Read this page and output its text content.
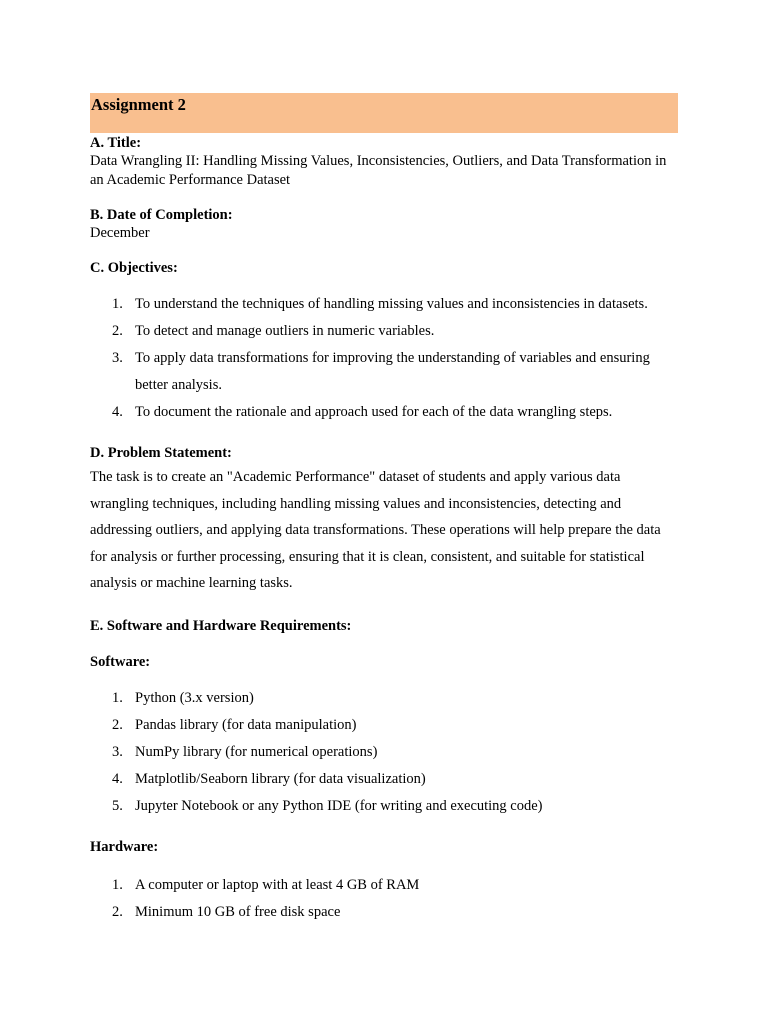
Assignment 2
A. Title:
Data Wrangling II: Handling Missing Values, Inconsistencies, Outliers, and Data Transformation in an Academic Performance Dataset
B. Date of Completion:
December
C. Objectives:
1. To understand the techniques of handling missing values and inconsistencies in datasets.
2. To detect and manage outliers in numeric variables.
3. To apply data transformations for improving the understanding of variables and ensuring better analysis.
4. To document the rationale and approach used for each of the data wrangling steps.
D. Problem Statement:
The task is to create an "Academic Performance" dataset of students and apply various data wrangling techniques, including handling missing values and inconsistencies, detecting and addressing outliers, and applying data transformations. These operations will help prepare the data for analysis or further processing, ensuring that it is clean, consistent, and suitable for statistical analysis or machine learning tasks.
E. Software and Hardware Requirements:
Software:
1. Python (3.x version)
2. Pandas library (for data manipulation)
3. NumPy library (for numerical operations)
4. Matplotlib/Seaborn library (for data visualization)
5. Jupyter Notebook or any Python IDE (for writing and executing code)
Hardware:
1. A computer or laptop with at least 4 GB of RAM
2. Minimum 10 GB of free disk space
